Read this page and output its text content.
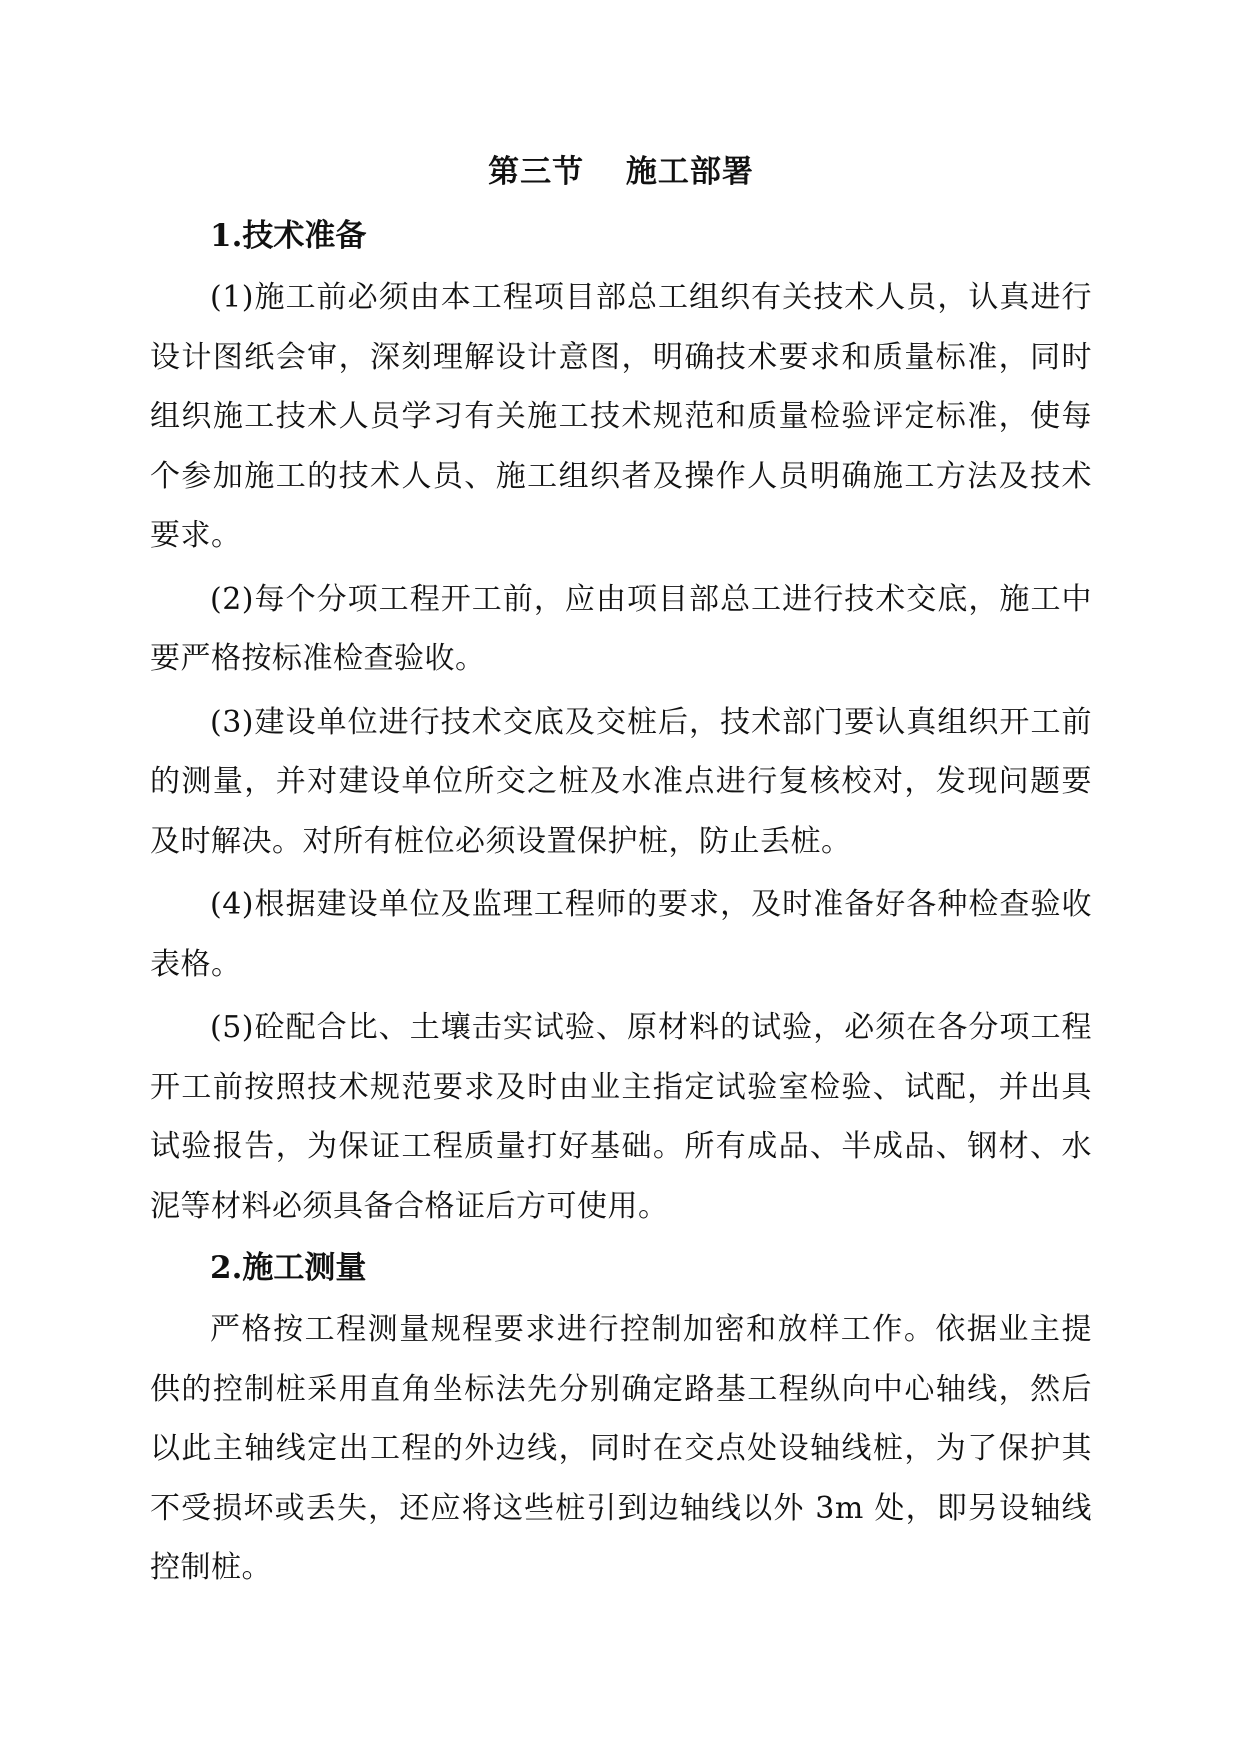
第三节 施工部署
1.技术准备

(1)施工前必须由本工程项目部总工组织有关技术人员，认真进行设计图纸会审，深刻理解设计意图，明确技术要求和质量标准，同时组织施工技术人员学习有关施工技术规范和质量检验评定标准，使每个参加施工的技术人员、施工组织者及操作人员明确施工方法及技术要求。

(2)每个分项工程开工前，应由项目部总工进行技术交底，施工中要严格按标准检查验收。

(3)建设单位进行技术交底及交桩后，技术部门要认真组织开工前的测量，并对建设单位所交之桩及水准点进行复核校对，发现问题要及时解决。对所有桩位必须设置保护桩，防止丢桩。

(4)根据建设单位及监理工程师的要求，及时准备好各种检查验收表格。

(5)砼配合比、土壤击实试验、原材料的试验，必须在各分项工程开工前按照技术规范要求及时由业主指定试验室检验、试配，并出具试验报告，为保证工程质量打好基础。所有成品、半成品、钢材、水泥等材料必须具备合格证后方可使用。

2.施工测量

严格按工程测量规程要求进行控制加密和放样工作。依据业主提供的控制桩采用直角坐标法先分别确定路基工程纵向中心轴线，然后以此主轴线定出工程的外边线，同时在交点处设轴线桩，为了保护其不受损坏或丢失，还应将这些桩引到边轴线以外 3m 处，即另设轴线控制桩。
